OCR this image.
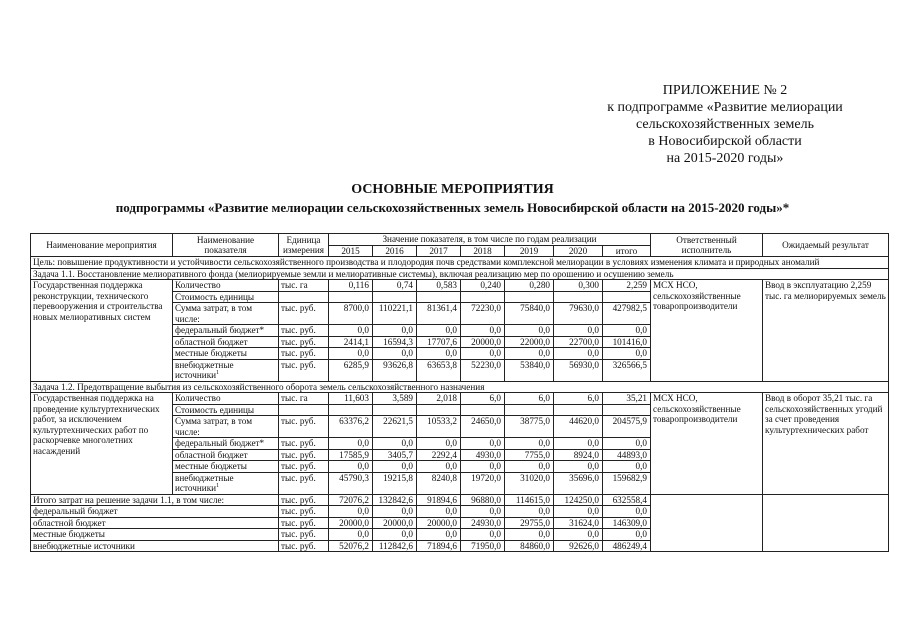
ПРИЛОЖЕНИЕ № 2
к подпрограмме «Развитие мелиорации
сельскохозяйственных земель
в Новосибирской области
на 2015-2020 годы»
ОСНОВНЫЕ МЕРОПРИЯТИЯ
подпрограммы «Развитие мелиорации сельскохозяйственных земель Новосибирской области на 2015-2020 годы»*
Наименование мероприятия	Наименование показателя	Единица измерения	Значение показателя, в том числе по годам реализации							Ответственный исполнитель	Ожидаемый результат
			2015	2016	2017	2018	2019	2020	итого		
Цель: повышение продуктивности и устойчивости сельскохозяйственного производства и плодородия почв средствами комплексной мелиорации в условиях изменения климата и природных аномалий											
Задача 1.1. Восстановление мелиоративного фонда (мелиорируемые земли и мелиоративные системы), включая реализацию мер по орошению и осушению земель											
Государственная поддержка реконструкции, технического перевооружения и строительства новых мелиоративных систем	Количество	тыс. га	0,116	0,74	0,583	0,240	0,280	0,300	2,259	МСХ НСО, сельскохозяйственные товаропроизводители	Ввод в эксплуатацию 2,259 тыс. га мелиорируемых земель
	Стоимость единицы										
	Сумма затрат, в том числе:	тыс. руб.	8700,0	110221,1	81361,4	72230,0	75840,0	79630,0	427982,5		
	федеральный бюджет*	тыс. руб.	0,0	0,0	0,0	0,0	0,0	0,0	0,0		
	областной бюджет	тыс. руб.	2414,1	16594,3	17707,6	20000,0	22000,0	22700,0	101416,0		
	местные бюджеты	тыс. руб.	0,0	0,0	0,0	0,0	0,0	0,0	0,0		
	внебюджетные источники$^1$	тыс. руб.	6285,9	93626,8	63653,8	52230,0	53840,0	56930,0	326566,5		
Задача 1.2. Предотвращение выбытия из сельскохозяйственного оборота земель сельскохозяйственного назначения											
Государственная поддержка на проведение культуртехнических работ, за исключением культуртехнических работ по раскорчевке многолетних насаждений	Количество	тыс. га	11,603	3,589	2,018	6,0	6,0	6,0	35,21	МСХ НСО, сельскохозяйственные товаропроизводители	Ввод в оборот 35,21 тыс. га сельскохозяйственных угодий за счет проведения культуртехнических работ
	Стоимость единицы										
	Сумма затрат, в том числе:	тыс. руб.	63376,2	22621,5	10533,2	24650,0	38775,0	44620,0	204575,9		
	федеральный бюджет*	тыс. руб.	0,0	0,0	0,0	0,0	0,0	0,0	0,0		
	областной бюджет	тыс. руб.	17585,9	3405,7	2292,4	4930,0	7755,0	8924,0	44893,0		
	местные бюджеты	тыс. руб.	0,0	0,0	0,0	0,0	0,0	0,0	0,0		
	внебюджетные источники$^1$	тыс. руб.	45790,3	19215,8	8240,8	19720,0	31020,0	35696,0	159682,9		
Итого затрат на решение задачи 1.1, в том числе:		тыс. руб.	72076,2	132842,6	91894,6	96880,0	114615,0	124250,0	632558,4		
федеральный бюджет		тыс. руб.	0,0	0,0	0,0	0,0	0,0	0,0	0,0		
областной бюджет		тыс. руб.	20000,0	20000,0	20000,0	24930,0	29755,0	31624,0	146309,0		
местные бюджеты		тыс. руб.	0,0	0,0	0,0	0,0	0,0	0,0	0,0		
внебюджетные источники		тыс. руб.	52076,2	112842,6	71894,6	71950,0	84860,0	92626,0	486249,4		
